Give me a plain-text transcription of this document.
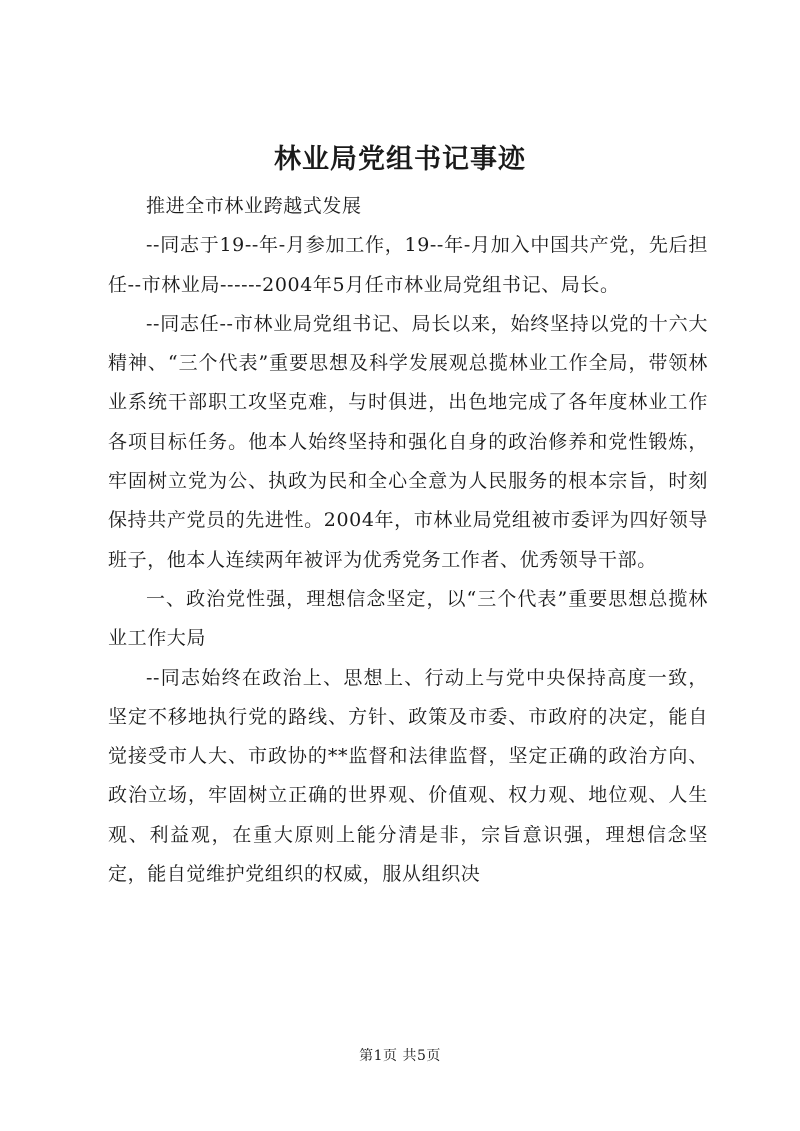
林业局党组书记事迹

推进全市林业跨越式发展

--同志于19--年-月参加工作，19--年-月加入中国共产党，先后担任--市林业局------2004年5月任市林业局党组书记、局长。

--同志任--市林业局党组书记、局长以来，始终坚持以党的十六大精神、“三个代表”重要思想及科学发展观总揽林业工作全局，带领林业系统干部职工攻坚克难，与时俱进，出色地完成了各年度林业工作各项目标任务。他本人始终坚持和强化自身的政治修养和党性锻炼，牢固树立党为公、执政为民和全心全意为人民服务的根本宗旨，时刻保持共产党员的先进性。2004年，市林业局党组被市委评为四好领导班子，他本人连续两年被评为优秀党务工作者、优秀领导干部。

一、政治党性强，理想信念坚定，以“三个代表”重要思想总揽林业工作大局

--同志始终在政治上、思想上、行动上与党中央保持高度一致，坚定不移地执行党的路线、方针、政策及市委、市政府的决定，能自觉接受市人大、市政协的**监督和法律监督，坚定正确的政治方向、政治立场，牢固树立正确的世界观、价值观、权力观、地位观、人生观、利益观，在重大原则上能分清是非，宗旨意识强，理想信念坚定，能自觉维护党组织的权威，服从组织决

第1页 共5页
